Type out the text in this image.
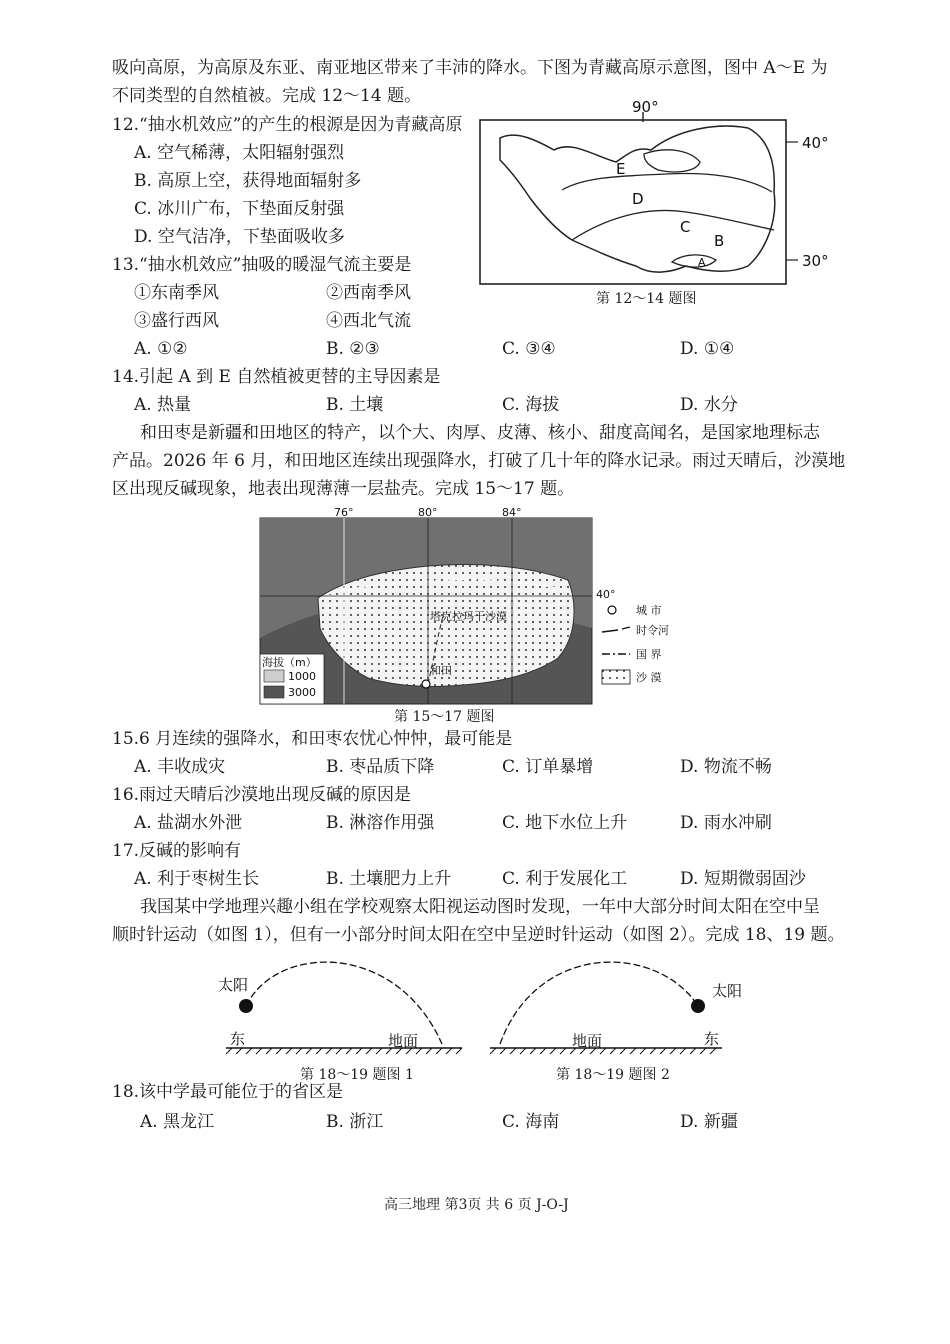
吸向高原，为高原及东亚、南亚地区带来了丰沛的降水。下图为青藏高原示意图，图中 A～E 为
不同类型的自然植被。完成 12～14 题。
12.“抽水机效应”的产生的根源是因为青藏高原
A. 空气稀薄，太阳辐射强烈
B. 高原上空，获得地面辐射多
C. 冰川广布，下垫面反射强
D. 空气洁净，下垫面吸收多
13.“抽水机效应”抽吸的暖湿气流主要是
①东南季风	②西南季风
③盛行西风	④西北气流
A. ①②	B. ②③	C. ③④	D. ①④
90°
40°
30°
E
D
C
B
A
第 12～14 题图
14.引起 A 到 E 自然植被更替的主导因素是
A. 热量	B. 土壤	C. 海拔	D. 水分
和田枣是新疆和田地区的特产，以个大、肉厚、皮薄、核小、甜度高闻名，是国家地理标志
产品。2026 年 6 月，和田地区连续出现强降水，打破了几十年的降水记录。雨过天晴后，沙漠地
区出现反碱现象，地表出现薄薄一层盐壳。完成 15～17 题。
76°	80°	84°
40°
塔克拉玛干沙漠
和田
海拔（m）
1000
3000
城 市
时令河
国 界
沙 漠
第 15～17 题图
15.6 月连续的强降水，和田枣农忧心忡忡，最可能是
A. 丰收成灾	B. 枣品质下降	C. 订单暴增	D. 物流不畅
16.雨过天晴后沙漠地出现反碱的原因是
A. 盐湖水外泄	B. 淋溶作用强	C. 地下水位上升	D. 雨水冲刷
17.反碱的影响有
A. 利于枣树生长	B. 土壤肥力上升	C. 利于发展化工	D. 短期微弱固沙
我国某中学地理兴趣小组在学校观察太阳视运动图时发现，一年中大部分时间太阳在空中呈
顺时针运动（如图 1），但有一小部分时间太阳在空中呈逆时针运动（如图 2）。完成 18、19 题。
太阳
东	地面
第 18～19 题图 1
太阳
地面	东
第 18～19 题图 2
18.该中学最可能位于的省区是
A. 黑龙江	B. 浙江	C. 海南	D. 新疆
高三地理 第3页 共 6 页 J-O-J
